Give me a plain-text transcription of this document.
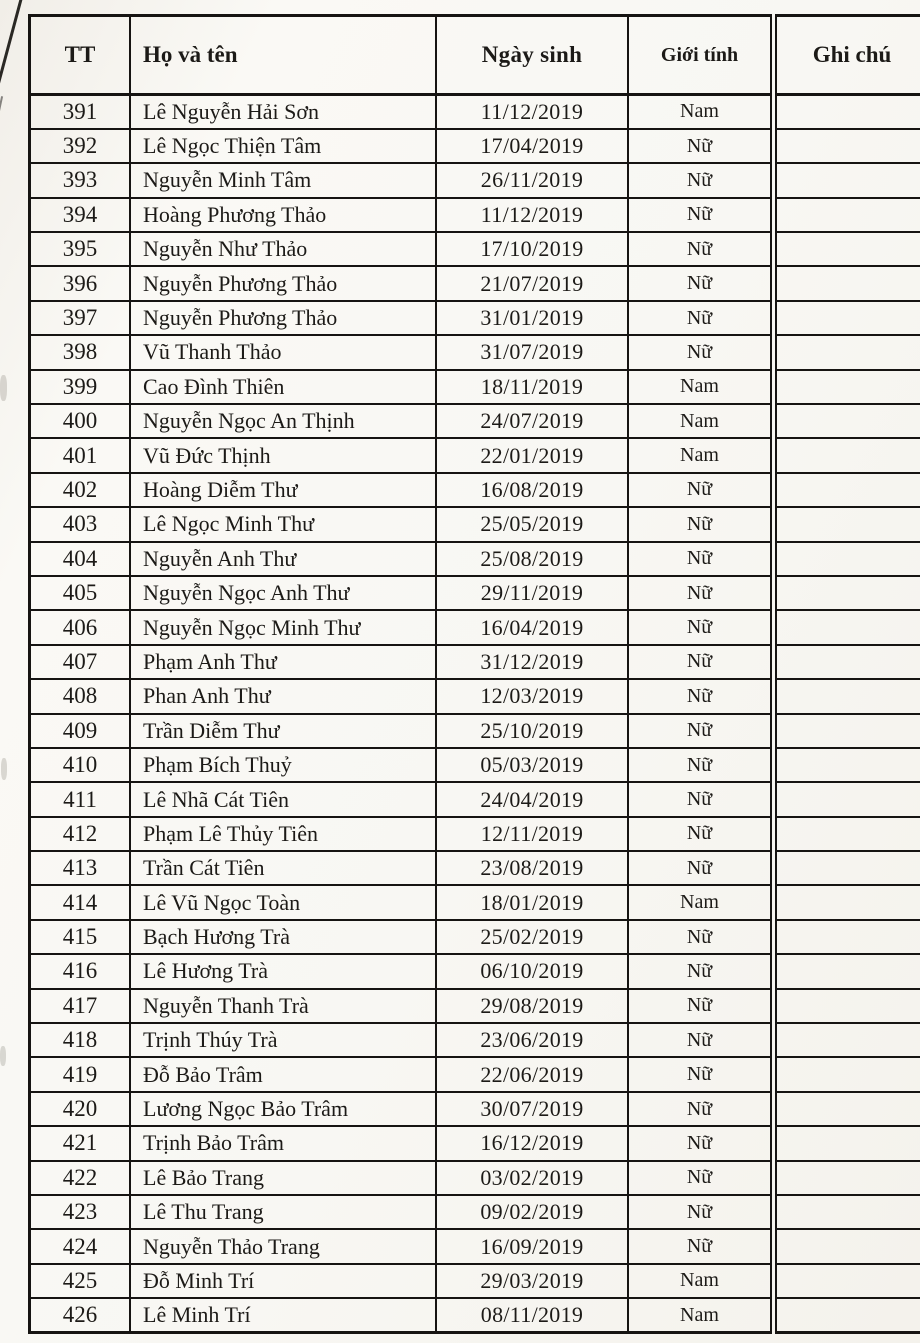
TT	Họ và tên	Ngày sinh	Giới tính	Ghi chú
391	Lê Nguyễn Hải Sơn	11/12/2019	Nam	
392	Lê Ngọc Thiện Tâm	17/04/2019	Nữ	
393	Nguyễn Minh Tâm	26/11/2019	Nữ	
394	Hoàng Phương Thảo	11/12/2019	Nữ	
395	Nguyễn Như Thảo	17/10/2019	Nữ	
396	Nguyễn Phương Thảo	21/07/2019	Nữ	
397	Nguyễn Phương Thảo	31/01/2019	Nữ	
398	Vũ Thanh Thảo	31/07/2019	Nữ	
399	Cao Đình Thiên	18/11/2019	Nam	
400	Nguyễn Ngọc An Thịnh	24/07/2019	Nam	
401	Vũ Đức Thịnh	22/01/2019	Nam	
402	Hoàng Diễm Thư	16/08/2019	Nữ	
403	Lê Ngọc Minh Thư	25/05/2019	Nữ	
404	Nguyễn Anh Thư	25/08/2019	Nữ	
405	Nguyễn Ngọc Anh Thư	29/11/2019	Nữ	
406	Nguyễn Ngọc Minh Thư	16/04/2019	Nữ	
407	Phạm Anh Thư	31/12/2019	Nữ	
408	Phan Anh Thư	12/03/2019	Nữ	
409	Trần Diễm Thư	25/10/2019	Nữ	
410	Phạm Bích Thuỷ	05/03/2019	Nữ	
411	Lê Nhã Cát Tiên	24/04/2019	Nữ	
412	Phạm Lê Thủy Tiên	12/11/2019	Nữ	
413	Trần Cát Tiên	23/08/2019	Nữ	
414	Lê Vũ Ngọc Toàn	18/01/2019	Nam	
415	Bạch Hương Trà	25/02/2019	Nữ	
416	Lê Hương Trà	06/10/2019	Nữ	
417	Nguyễn Thanh Trà	29/08/2019	Nữ	
418	Trịnh Thúy Trà	23/06/2019	Nữ	
419	Đỗ Bảo Trâm	22/06/2019	Nữ	
420	Lương Ngọc Bảo Trâm	30/07/2019	Nữ	
421	Trịnh Bảo Trâm	16/12/2019	Nữ	
422	Lê Bảo Trang	03/02/2019	Nữ	
423	Lê Thu Trang	09/02/2019	Nữ	
424	Nguyễn Thảo Trang	16/09/2019	Nữ	
425	Đỗ Minh Trí	29/03/2019	Nam	
426	Lê Minh Trí	08/11/2019	Nam	
